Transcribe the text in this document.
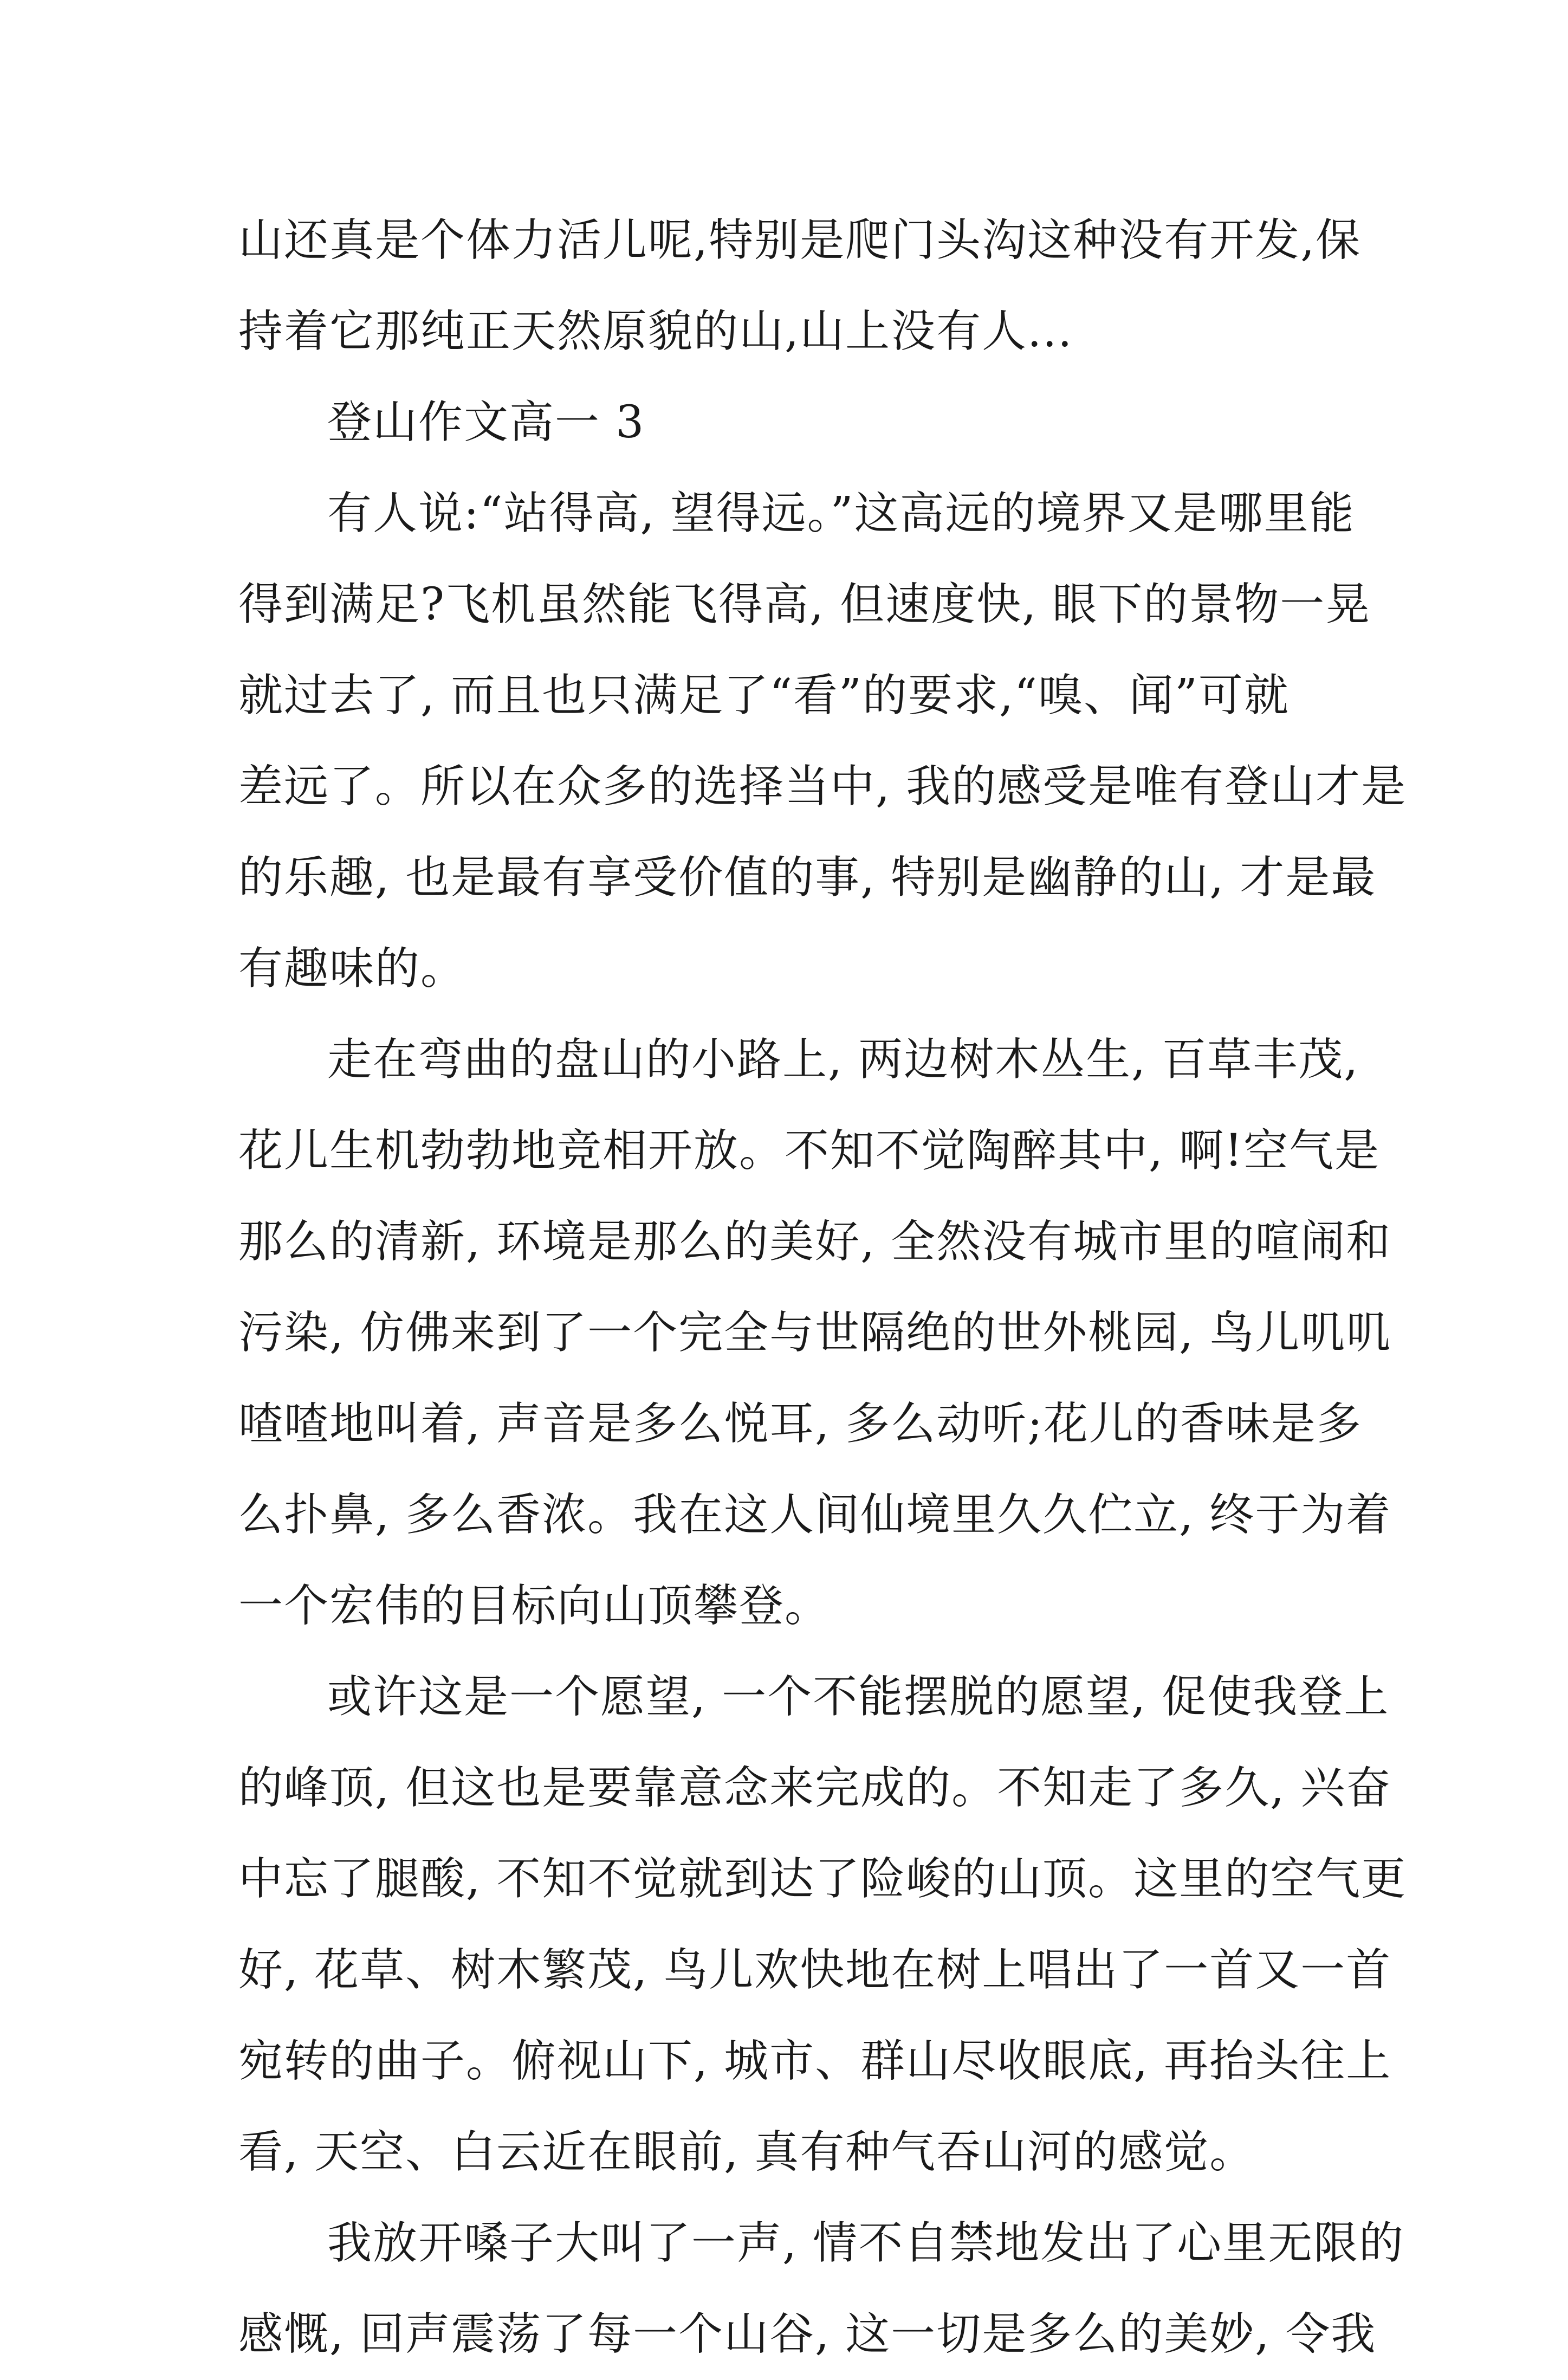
山还真是个体力活儿呢,特别是爬门头沟这种没有开发,保
持着它那纯正天然原貌的山,山上没有人...
登山作文高一 3
有人说:“站得高, 望得远。”这高远的境界又是哪里能
得到满足?飞机虽然能飞得高, 但速度快, 眼下的景物一晃
就过去了, 而且也只满足了“看”的要求,“嗅、闻”可就
差远了。所以在众多的选择当中, 我的感受是唯有登山才是
的乐趣, 也是最有享受价值的事, 特别是幽静的山, 才是最
有趣味的。
走在弯曲的盘山的小路上, 两边树木丛生, 百草丰茂,
花儿生机勃勃地竞相开放。不知不觉陶醉其中, 啊!空气是
那么的清新, 环境是那么的美好, 全然没有城市里的喧闹和
污染, 仿佛来到了一个完全与世隔绝的世外桃园, 鸟儿叽叽
喳喳地叫着, 声音是多么悦耳, 多么动听;花儿的香味是多
么扑鼻, 多么香浓。我在这人间仙境里久久伫立, 终于为着
一个宏伟的目标向山顶攀登。
或许这是一个愿望, 一个不能摆脱的愿望, 促使我登上
的峰顶, 但这也是要靠意念来完成的。不知走了多久, 兴奋
中忘了腿酸, 不知不觉就到达了险峻的山顶。这里的空气更
好, 花草、树木繁茂, 鸟儿欢快地在树上唱出了一首又一首
宛转的曲子。俯视山下, 城市、群山尽收眼底, 再抬头往上
看, 天空、白云近在眼前, 真有种气吞山河的感觉。
我放开嗓子大叫了一声, 情不自禁地发出了心里无限的
感慨, 回声震荡了每一个山谷, 这一切是多么的美妙, 令我
